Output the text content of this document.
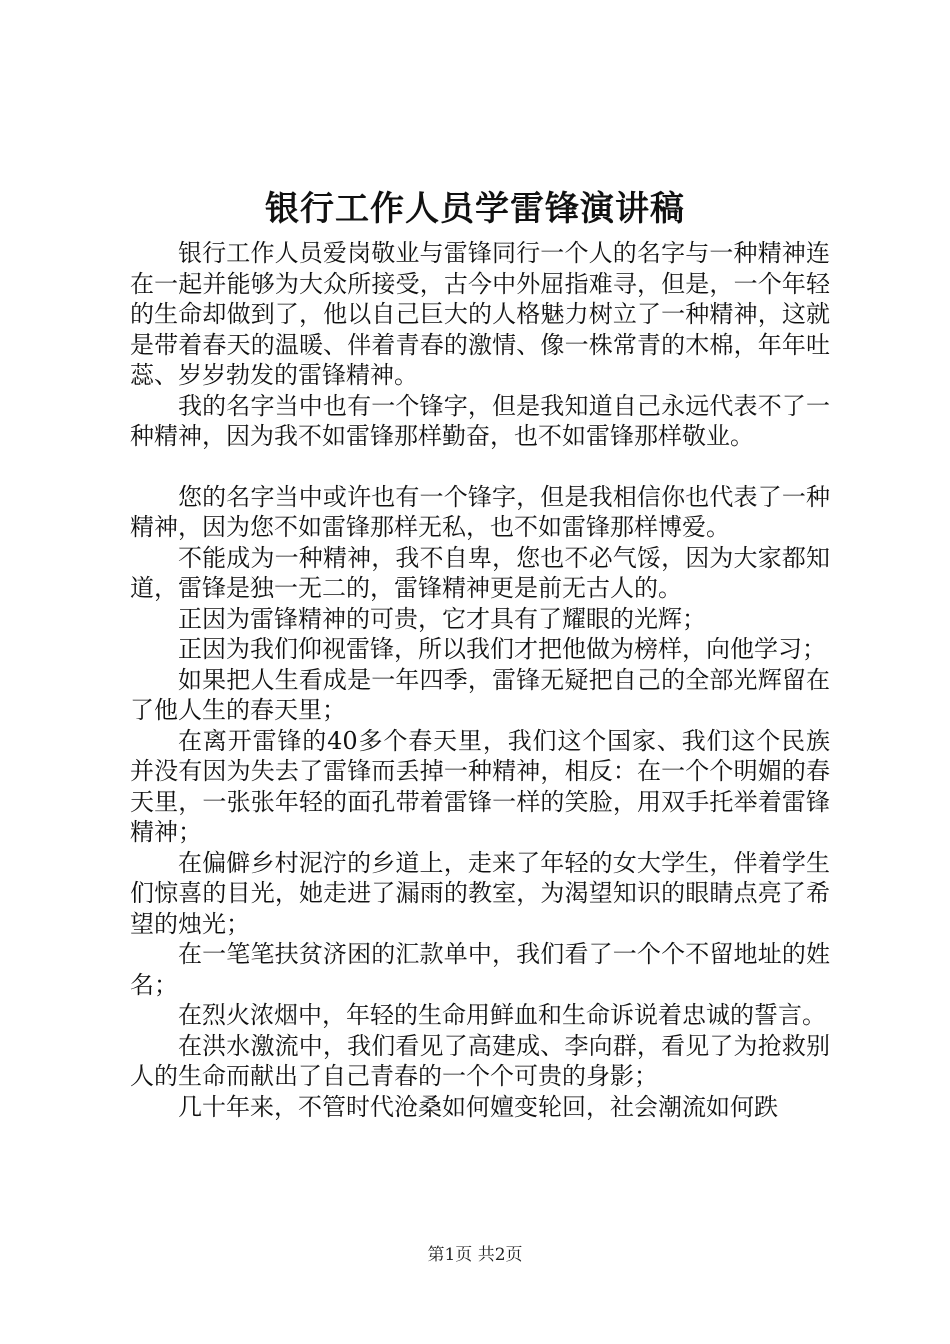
银行工作人员学雷锋演讲稿

银行工作人员爱岗敬业与雷锋同行一个人的名字与一种精神连在一起并能够为大众所接受，古今中外屈指难寻，但是，一个年轻的生命却做到了，他以自己巨大的人格魅力树立了一种精神，这就是带着春天的温暖、伴着青春的激情、像一株常青的木棉，年年吐蕊、岁岁勃发的雷锋精神。

我的名字当中也有一个锋字，但是我知道自己永远代表不了一种精神，因为我不如雷锋那样勤奋，也不如雷锋那样敬业。

您的名字当中或许也有一个锋字，但是我相信你也代表了一种精神，因为您不如雷锋那样无私，也不如雷锋那样博爱。

不能成为一种精神，我不自卑，您也不必气馁，因为大家都知道，雷锋是独一无二的，雷锋精神更是前无古人的。

正因为雷锋精神的可贵，它才具有了耀眼的光辉；

正因为我们仰视雷锋，所以我们才把他做为榜样，向他学习；

如果把人生看成是一年四季，雷锋无疑把自己的全部光辉留在了他人生的春天里；

在离开雷锋的40多个春天里，我们这个国家、我们这个民族并没有因为失去了雷锋而丢掉一种精神，相反：在一个个明媚的春天里，一张张年轻的面孔带着雷锋一样的笑脸，用双手托举着雷锋精神；

在偏僻乡村泥泞的乡道上，走来了年轻的女大学生，伴着学生们惊喜的目光，她走进了漏雨的教室，为渴望知识的眼睛点亮了希望的烛光；

在一笔笔扶贫济困的汇款单中，我们看了一个个不留地址的姓名；

在烈火浓烟中，年轻的生命用鲜血和生命诉说着忠诚的誓言。

在洪水激流中，我们看见了高建成、李向群，看见了为抢救别人的生命而献出了自己青春的一个个可贵的身影；

几十年来，不管时代沧桑如何嬗变轮回，社会潮流如何跌

第1页 共2页
